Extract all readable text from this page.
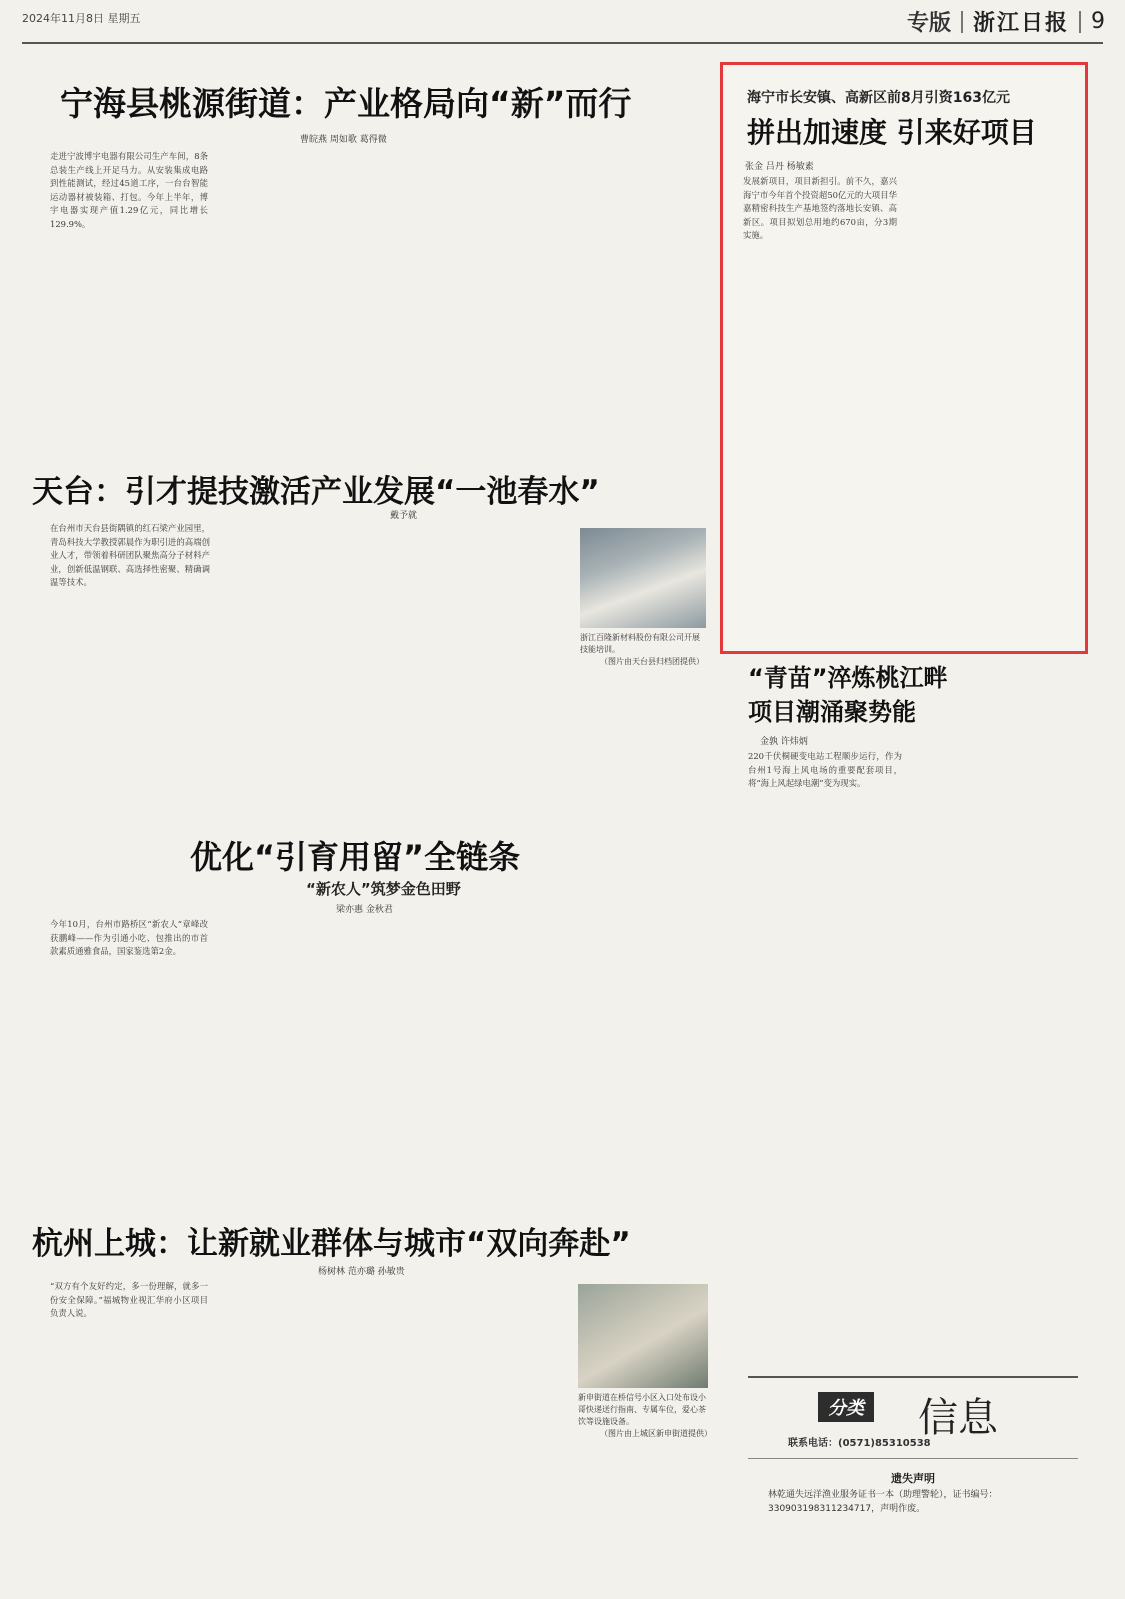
2024年11月8日 星期五	专版 浙江日报 9
宁海县桃源街道：产业格局向“新”而行
曹皖燕 周如歌 葛得微
走进宁波博宇电器有限公司生产车间，8条总装生产线上开足马力。从安装集成电路到性能测试，经过45道工序，一台台智能运动器材被装箱、打包。今年上半年，博宇电器实现产值1.29亿元，同比增长129.9%。
海宁市长安镇、高新区前8月引资163亿元
拼出加速度 引来好项目
张金 吕丹 杨敏素
发展新项目，项目新担引。前不久，嘉兴海宁市今年首个投资超50亿元的大项目华嘉精密科技生产基地签约落地长安镇、高新区。项目拟划总用地约670亩，分3期实施。
天台：引才提技激活产业发展“一池春水”
戴予就
在台州市天台县街隅镇的红石梁产业园里，青岛科技大学教授郭晨作为职引进的高端创业人才，带领着科研团队聚焦高分子材料产业，创新低温钢联、高选择性密聚、精确调温等技术。
浙江百隆新材料股份有限公司开展技能培训。
（图片由天台县归档团提供）
“青苗”淬炼桃江畔
项目潮涌聚势能
金孰 许炜炳
220千伏桐硬变电站工程顺步运行，作为台州1号海上风电场的重要配套项目，将“海上风起绿电潮”变为现实。
优化“引育用留”全链条
“新农人”筑梦金色田野
梁亦惠 金秋君
今年10月，台州市路桥区“新农人”章峰改获鹏峰——作为引通小吃、包推出的市首款素质通雅食品，国家鉴选第2金。
杭州上城：让新就业群体与城市“双向奔赴”
杨树林 范亦璐 孙敏贵
“双方有个友好约定，多一份理解，就多一份安全保障。”福城物业视汇华府小区项目负责人说。
新申街道在桥信号小区入口处布设小哥快递送行指南、专属车位，爱心茶饮等设施设备。
（图片由上城区新申街道提供）
分类 信息
联系电话：(0571)85310538
遗失声明
林乾通失远洋渔业服务证书一本（助理警轮），证书编号：330903198311234717，声明作废。
